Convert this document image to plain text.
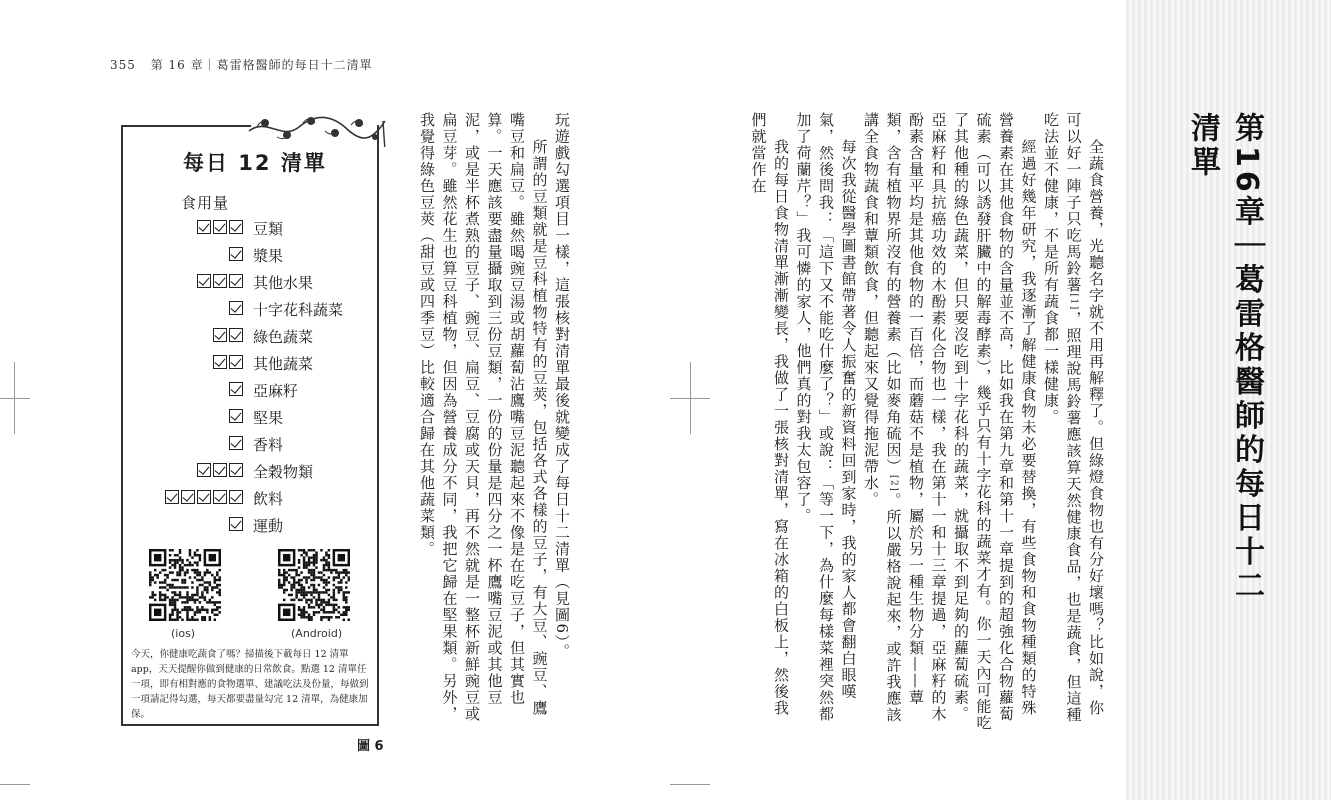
355 第 16 章｜葛雷格醫師的每日十二清單
第16章｜葛雷格醫師的每日十二清單

全蔬食營養，光聽名字就不用再解釋了。但綠燈食物也有分好壞嗎？比如說，你可以好一陣子只吃馬鈴薯[1]，照理說馬鈴薯應該算天然健康食品，也是蔬食，但這種吃法並不健康，不是所有蔬食都一樣健康。

經過好幾年研究，我逐漸了解健康食物未必要替換，有些食物和食物種類的特殊營養素在其他食物的含量並不高，比如我在第九章和第十一章提到的超強化合物蘿蔔硫素（可以誘發肝臟中的解毒酵素），幾乎只有十字花科的蔬菜才有。你一天內可能吃了其他種的綠色蔬菜，但只要沒吃到十字花科的蔬菜，就攝取不到足夠的蘿蔔硫素。亞麻籽和具抗癌功效的木酚素化合物也一樣，我在第十一和十三章提過，亞麻籽的木酚素含量平均是其他食物的一百倍，而蘑菇不是植物，屬於另一種生物分類——蕈類，含有植物界所沒有的營養素（比如麥角硫因）[2]。所以嚴格說起來，或許我應該講全食物蔬食和蕈類飲食，但聽起來又覺得拖泥帶水。

每次我從醫學圖書館帶著令人振奮的新資料回到家時，我的家人都會翻白眼嘆氣，然後問我：「這下又不能吃什麼了？」或說：「等一下，為什麼每樣菜裡突然都加了荷蘭芹？」我可憐的家人，他們真的對我太包容了。

我的每日食物清單漸漸變長，我做了一張核對清單，寫在冰箱的白板上，然後我們就當作在

玩遊戲勾選項目一樣，這張核對清單最後就變成了每日十二清單（見圖6）。

所謂的豆類就是豆科植物特有的豆莢，包括各式各樣的豆子，有大豆、豌豆、鷹嘴豆和扁豆。雖然喝豌豆湯或胡蘿蔔沾鷹嘴豆泥聽起來不像是在吃豆子，但其實也算。一天應該要盡量攝取到三份豆類，一份的份量是四分之一杯鷹嘴豆泥或其他豆泥，或是半杯煮熟的豆子、豌豆、扁豆、豆腐或天貝，再不然就是一整杯新鮮豌豆或扁豆芽。雖然花生也算豆科植物，但因為營養成分不同，我把它歸在堅果類。另外，我覺得綠色豆莢（甜豆或四季豆）比較適合歸在其他蔬菜類。

每日 12 清單
食用量
豆類
漿果
其他水果
十字花科蔬菜
綠色蔬菜
其他蔬菜
亞麻籽
堅果
香料
全穀物類
飲料
運動
(ios)	(Android)
今天，你健康吃蔬食了嗎？掃描後下載每日 12 清單 app，天天提醒你做到健康的日常飲食。點選 12 清單任一項，即有相對應的食物選單、建議吃法及份量，每做到一項請記得勾選，每天都要盡量勾完 12 清單，為健康加保。
圖 6
